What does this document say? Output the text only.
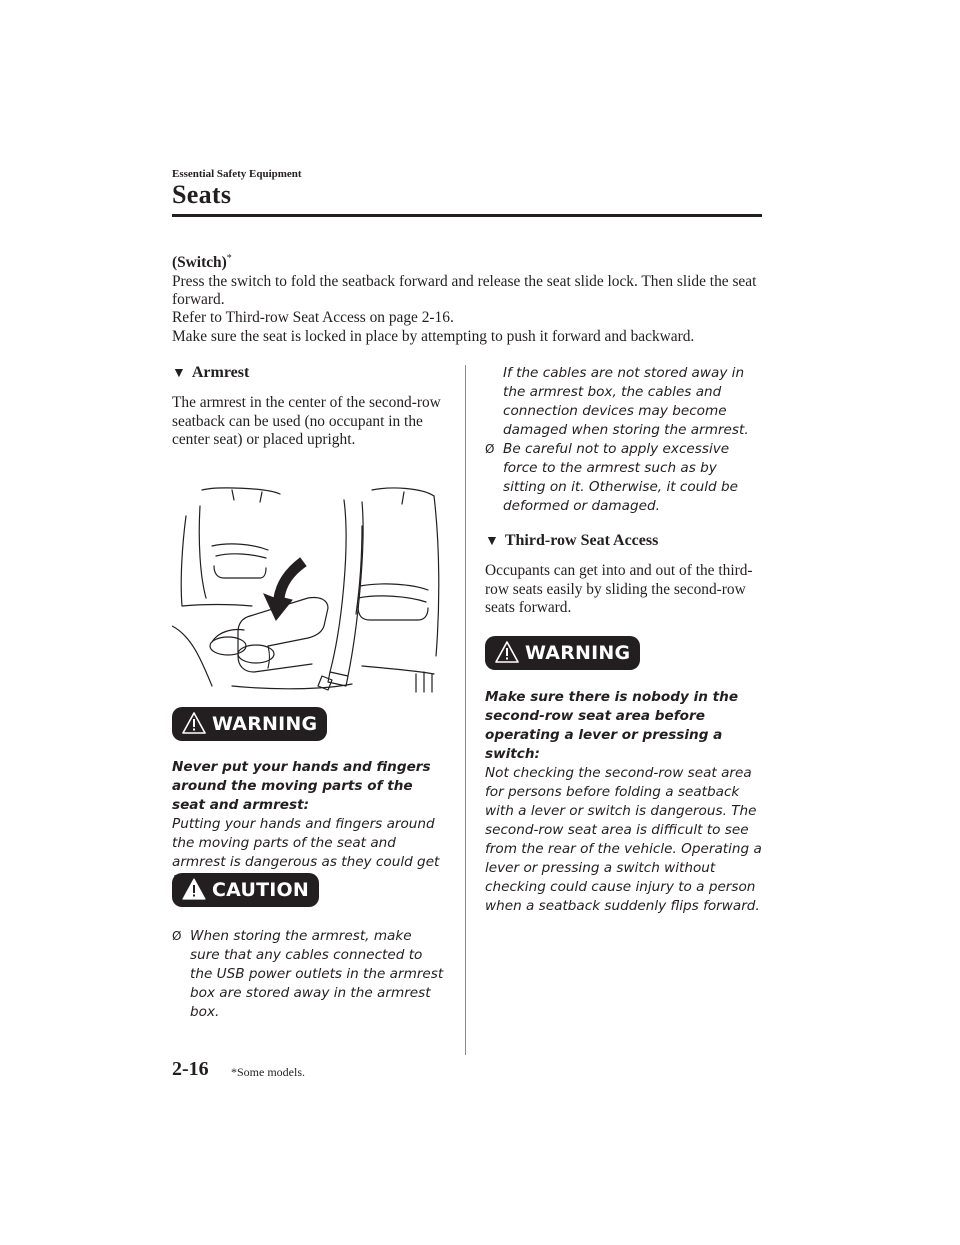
Essential Safety Equipment
Seats
(Switch)*
Press the switch to fold the seatback forward and release the seat slide lock. Then slide the seat forward.
Refer to Third-row Seat Access on page 2-16.
Make sure the seat is locked in place by attempting to push it forward and backward.

▼ Armrest

The armrest in the center of the second-row seatback can be used (no occupant in the center seat) or placed upright.

WARNING

Never put your hands and fingers around the moving parts of the seat and armrest:

Putting your hands and fingers around the moving parts of the seat and armrest is dangerous as they could get

CAUTION

Ø When storing the armrest, make sure that any cables connected to the USB power outlets in the armrest box are stored away in the armrest box.

If the cables are not stored away in the armrest box, the cables and connection devices may become damaged when storing the armrest.

Ø Be careful not to apply excessive force to the armrest such as by sitting on it. Otherwise, it could be deformed or damaged.

▼ Third-row Seat Access

Occupants can get into and out of the third-row seats easily by sliding the second-row seats forward.

WARNING

Make sure there is nobody in the second-row seat area before operating a lever or pressing a switch:

Not checking the second-row seat area for persons before folding a seatback with a lever or switch is dangerous. The second-row seat area is difficult to see from the rear of the vehicle. Operating a lever or pressing a switch without checking could cause injury to a person when a seatback suddenly flips forward.

2-16 *Some models.
